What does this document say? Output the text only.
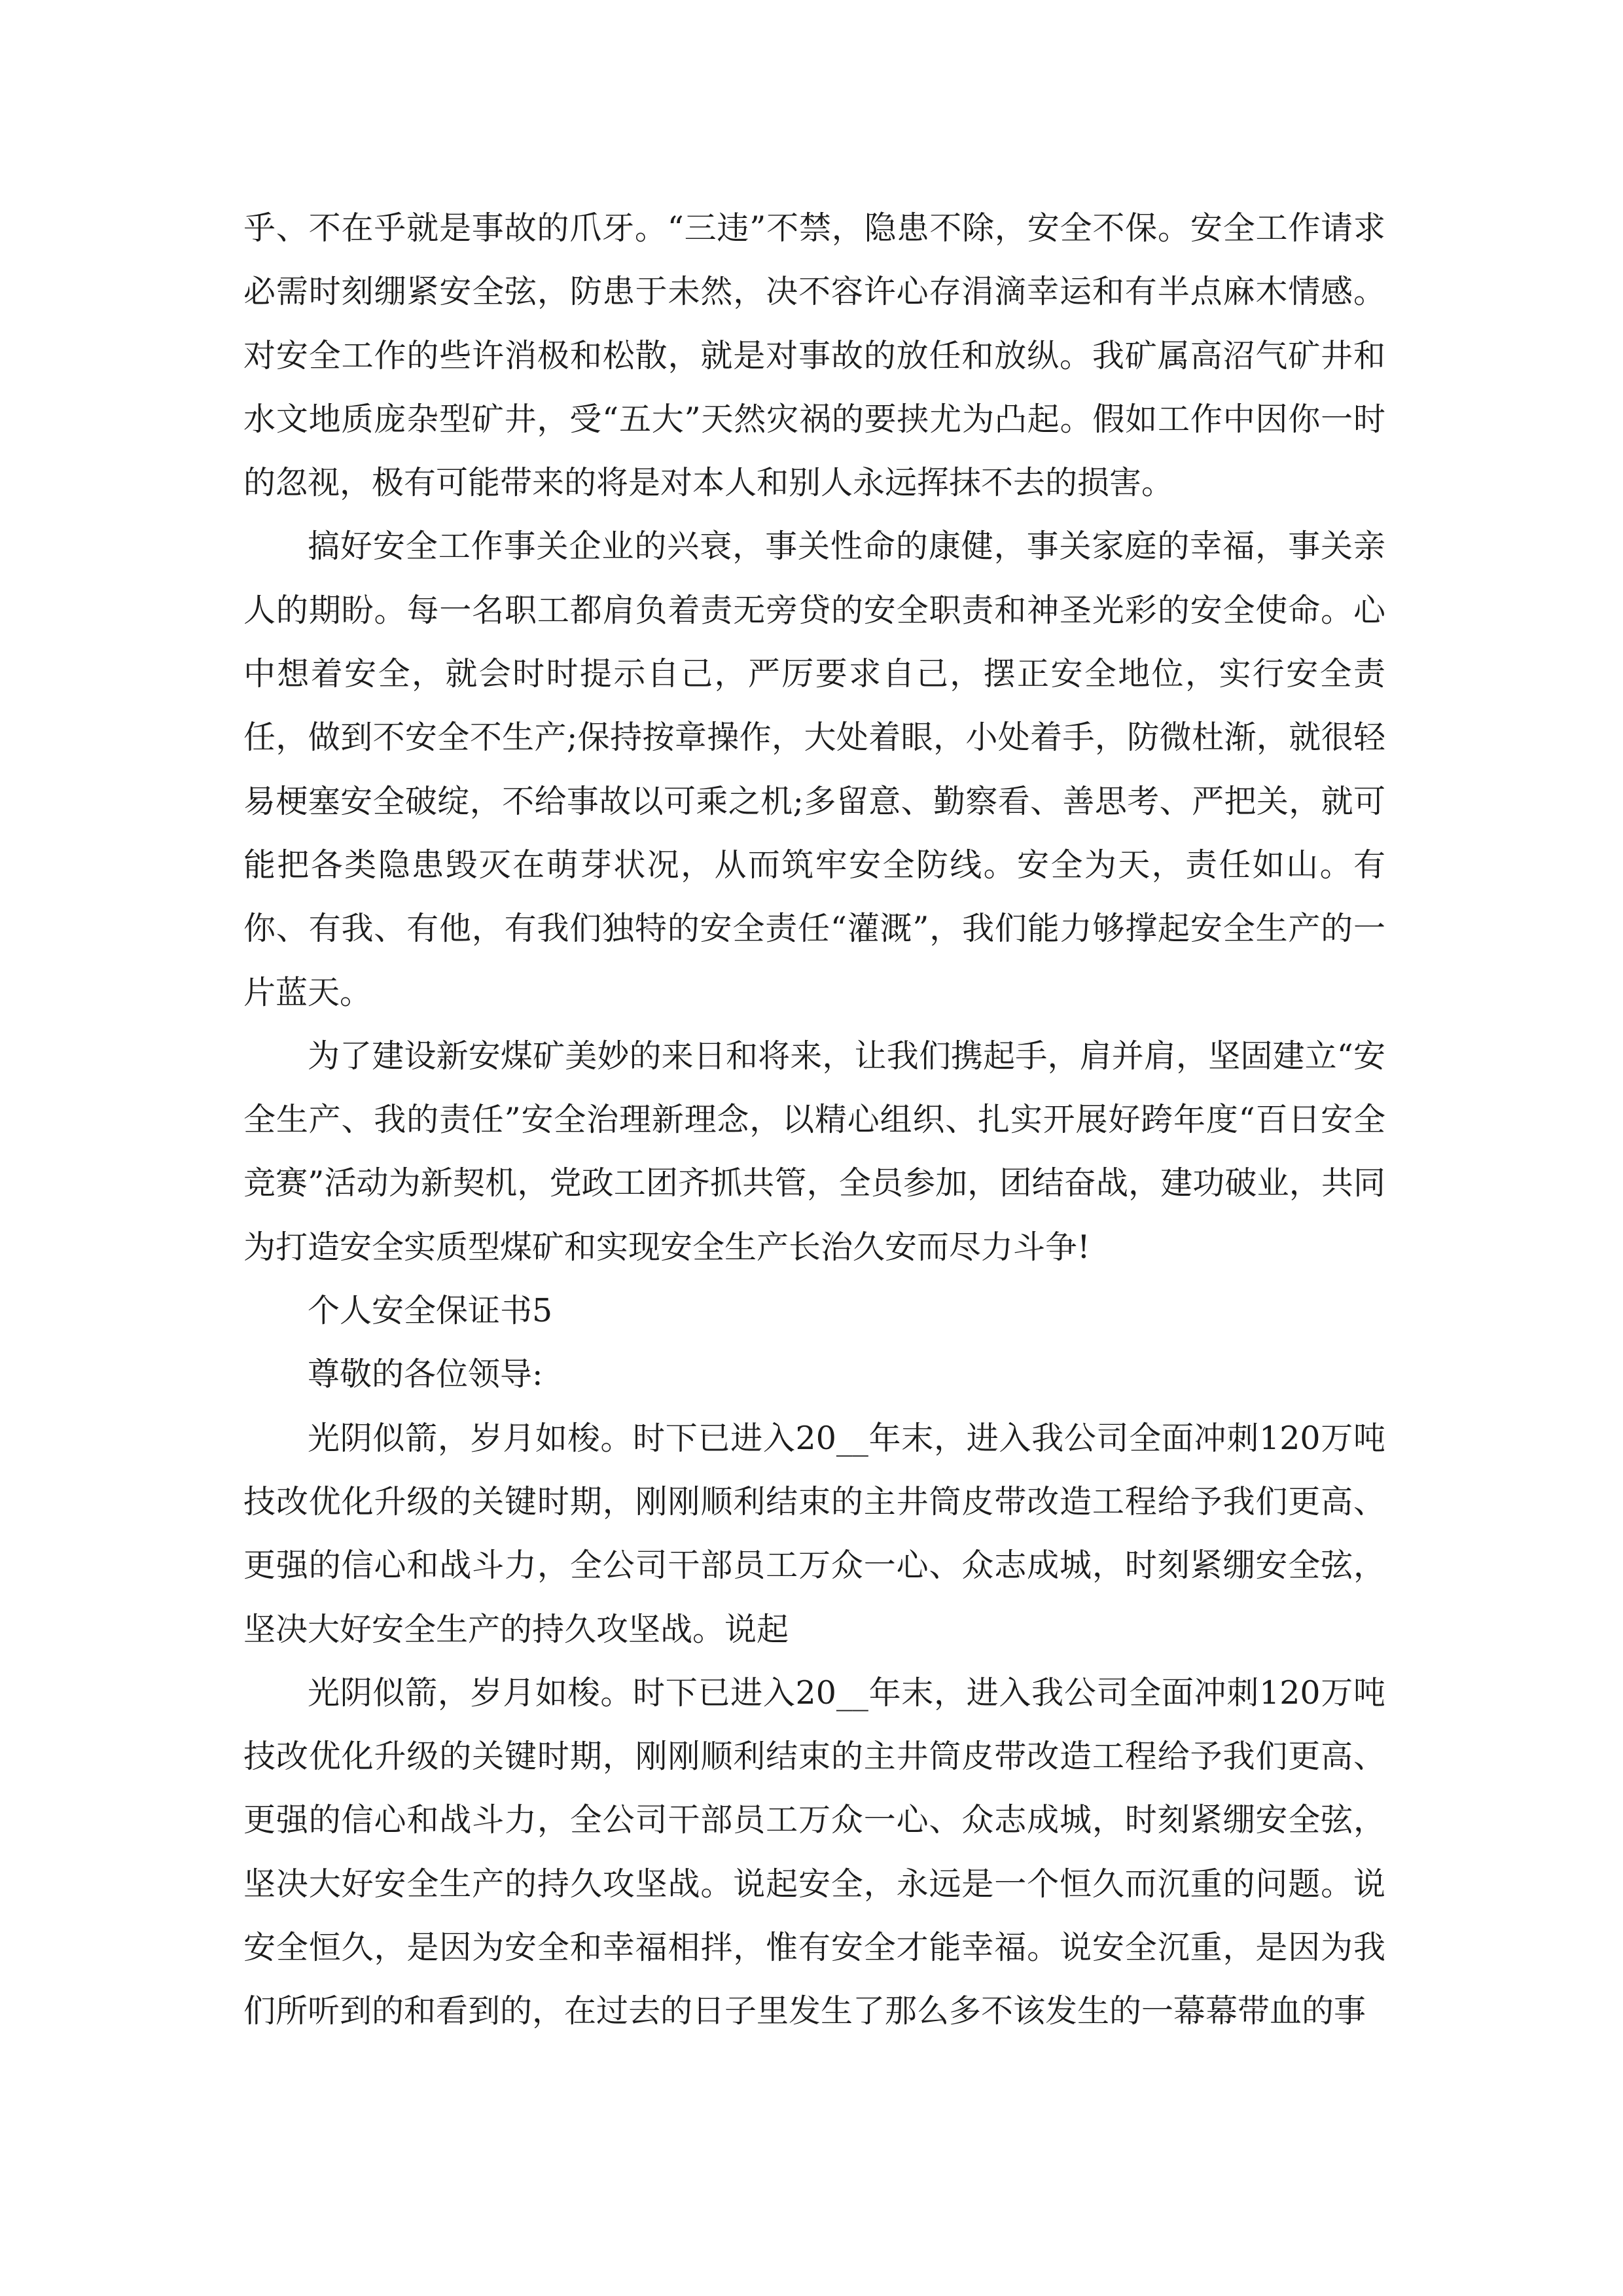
乎、不在乎就是事故的爪牙。“三违”不禁，隐患不除，安全不保。安全工作请求必需时刻绷紧安全弦，防患于未然，决不容许心存涓滴幸运和有半点麻木情感。对安全工作的些许消极和松散，就是对事故的放任和放纵。我矿属高沼气矿井和水文地质庞杂型矿井，受“五大”天然灾祸的要挟尤为凸起。假如工作中因你一时的忽视，极有可能带来的将是对本人和别人永远挥抹不去的损害。

搞好安全工作事关企业的兴衰，事关性命的康健，事关家庭的幸福，事关亲人的期盼。每一名职工都肩负着责无旁贷的安全职责和神圣光彩的安全使命。心中想着安全，就会时时提示自己，严厉要求自己，摆正安全地位，实行安全责任，做到不安全不生产;保持按章操作，大处着眼，小处着手，防微杜渐，就很轻易梗塞安全破绽，不给事故以可乘之机;多留意、勤察看、善思考、严把关，就可能把各类隐患毁灭在萌芽状况，从而筑牢安全防线。安全为天，责任如山。有你、有我、有他，有我们独特的安全责任“灌溉”，我们能力够撑起安全生产的一片蓝天。

为了建设新安煤矿美妙的来日和将来，让我们携起手，肩并肩，坚固建立“安全生产、我的责任”安全治理新理念，以精心组织、扎实开展好跨年度“百日安全竞赛”活动为新契机，党政工团齐抓共管，全员参加，团结奋战，建功破业，共同为打造安全实质型煤矿和实现安全生产长治久安而尽力斗争!

个人安全保证书5

尊敬的各位领导:

光阴似箭，岁月如梭。时下已进入20__年末，进入我公司全面冲刺120万吨技改优化升级的关键时期，刚刚顺利结束的主井筒皮带改造工程给予我们更高、更强的信心和战斗力，全公司干部员工万众一心、众志成城，时刻紧绷安全弦，坚决大好安全生产的持久攻坚战。说起

光阴似箭，岁月如梭。时下已进入20__年末，进入我公司全面冲刺120万吨技改优化升级的关键时期，刚刚顺利结束的主井筒皮带改造工程给予我们更高、更强的信心和战斗力，全公司干部员工万众一心、众志成城，时刻紧绷安全弦，坚决大好安全生产的持久攻坚战。说起安全，永远是一个恒久而沉重的问题。说安全恒久，是因为安全和幸福相拌，惟有安全才能幸福。说安全沉重，是因为我们所听到的和看到的，在过去的日子里发生了那么多不该发生的一幕幕带血的事
